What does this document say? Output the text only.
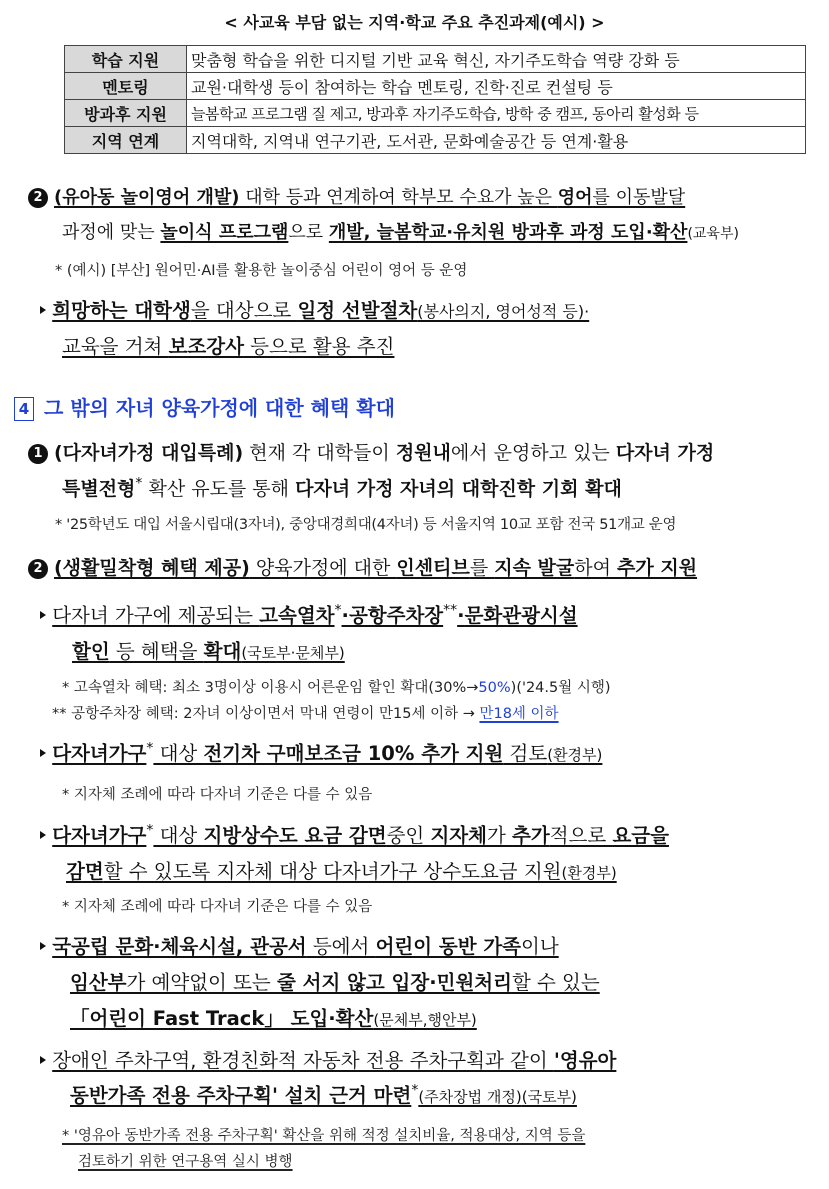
< 사교육 부담 없는 지역·학교 주요 추진과제(예시) >
학습 지원	맞춤형 학습을 위한 디지털 기반 교육 혁신, 자기주도학습 역량 강화 등
멘토링	교원·대학생 등이 참여하는 학습 멘토링, 진학·진로 컨설팅 등
방과후 지원	늘봄학교 프로그램 질 제고, 방과후 자기주도학습, 방학 중 캠프, 동아리 활성화 등
지역 연계	지역대학, 지역내 연구기관, 도서관, 문화예술공간 등 연계·활용
2 (유아동 놀이영어 개발) 대학 등과 연계하여 학부모 수요가 높은 영어를 이동발달
과정에 맞는 놀이식 프로그램으로 개발, 늘봄학교·유치원 방과후 과정 도입·확산(교육부)
* (예시) [부산] 원어민·AI를 활용한 놀이중심 어린이 영어 등 운영
희망하는 대학생을 대상으로 일정 선발절차(봉사의지, 영어성적 등)·
교육을 거쳐 보조강사 등으로 활용 추진
4 그 밖의 자녀 양육가정에 대한 혜택 확대
1 (다자녀가정 대입특례) 현재 각 대학들이 정원내에서 운영하고 있는 다자녀 가정
특별전형* 확산 유도를 통해 다자녀 가정 자녀의 대학진학 기회 확대
* '25학년도 대입 서울시립대(3자녀), 중앙대경희대(4자녀) 등 서울지역 10교 포함 전국 51개교 운영
2 (생활밀착형 혜택 제공) 양육가정에 대한 인센티브를 지속 발굴하여 추가 지원
다자녀 가구에 제공되는 고속열차*·공항주차장**·문화관광시설
할인 등 혜택을 확대(국토부·문체부)
* 고속열차 혜택: 최소 3명이상 이용시 어른운임 할인 확대(30%→50%)('24.5월 시행)
** 공항주차장 혜택: 2자녀 이상이면서 막내 연령이 만15세 이하 → 만18세 이하
다자녀가구* 대상 전기차 구매보조금 10% 추가 지원 검토(환경부)
* 지자체 조례에 따라 다자녀 기준은 다를 수 있음
다자녀가구* 대상 지방상수도 요금 감면중인 지자체가 추가적으로 요금을
감면할 수 있도록 지자체 대상 다자녀가구 상수도요금 지원(환경부)
* 지자체 조례에 따라 다자녀 기준은 다를 수 있음
국공립 문화·체육시설, 관공서 등에서 어린이 동반 가족이나
임산부가 예약없이 또는 줄 서지 않고 입장·민원처리할 수 있는
「어린이 Fast Track」 도입·확산(문체부,행안부)
장애인 주차구역, 환경친화적 자동차 전용 주차구획과 같이 '영유아
동반가족 전용 주차구획' 설치 근거 마련*(주차장법 개정)(국토부)
* '영유아 동반가족 전용 주차구획' 확산을 위해 적정 설치비율, 적용대상, 지역 등을
검토하기 위한 연구용역 실시 병행
